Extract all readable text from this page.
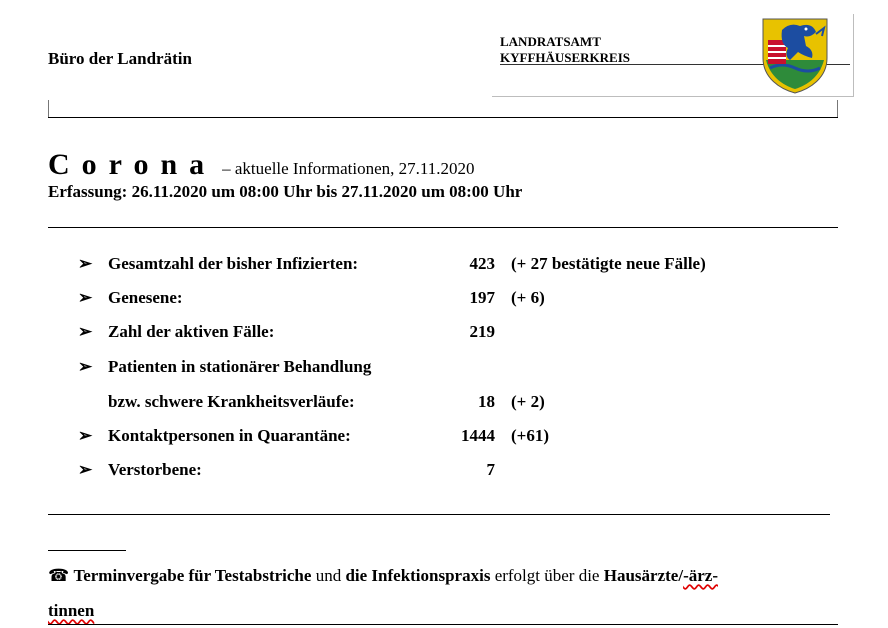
Büro der Landrätin
LANDRATSAMT
KYFFHÄUSERKREIS
Corona – aktuelle Informationen, 27.11.2020
Erfassung: 26.11.2020 um 08:00 Uhr bis 27.11.2020 um 08:00 Uhr
➢ Gesamtzahl der bisher Infizierten:	423 (+ 27 bestätigte neue Fälle)
➢ Genesene:	197 (+ 6)
➢ Zahl der aktiven Fälle:	219
➢ Patienten in stationärer Behandlung
bzw. schwere Krankheitsverläufe:	18 (+ 2)
➢ Kontaktpersonen in Quarantäne:	1444 (+61)
➢ Verstorbene:	7
☎ Terminvergabe für Testabstriche und die Infektionspraxis erfolgt über die Hausärzte/-ärz-
tinnen
